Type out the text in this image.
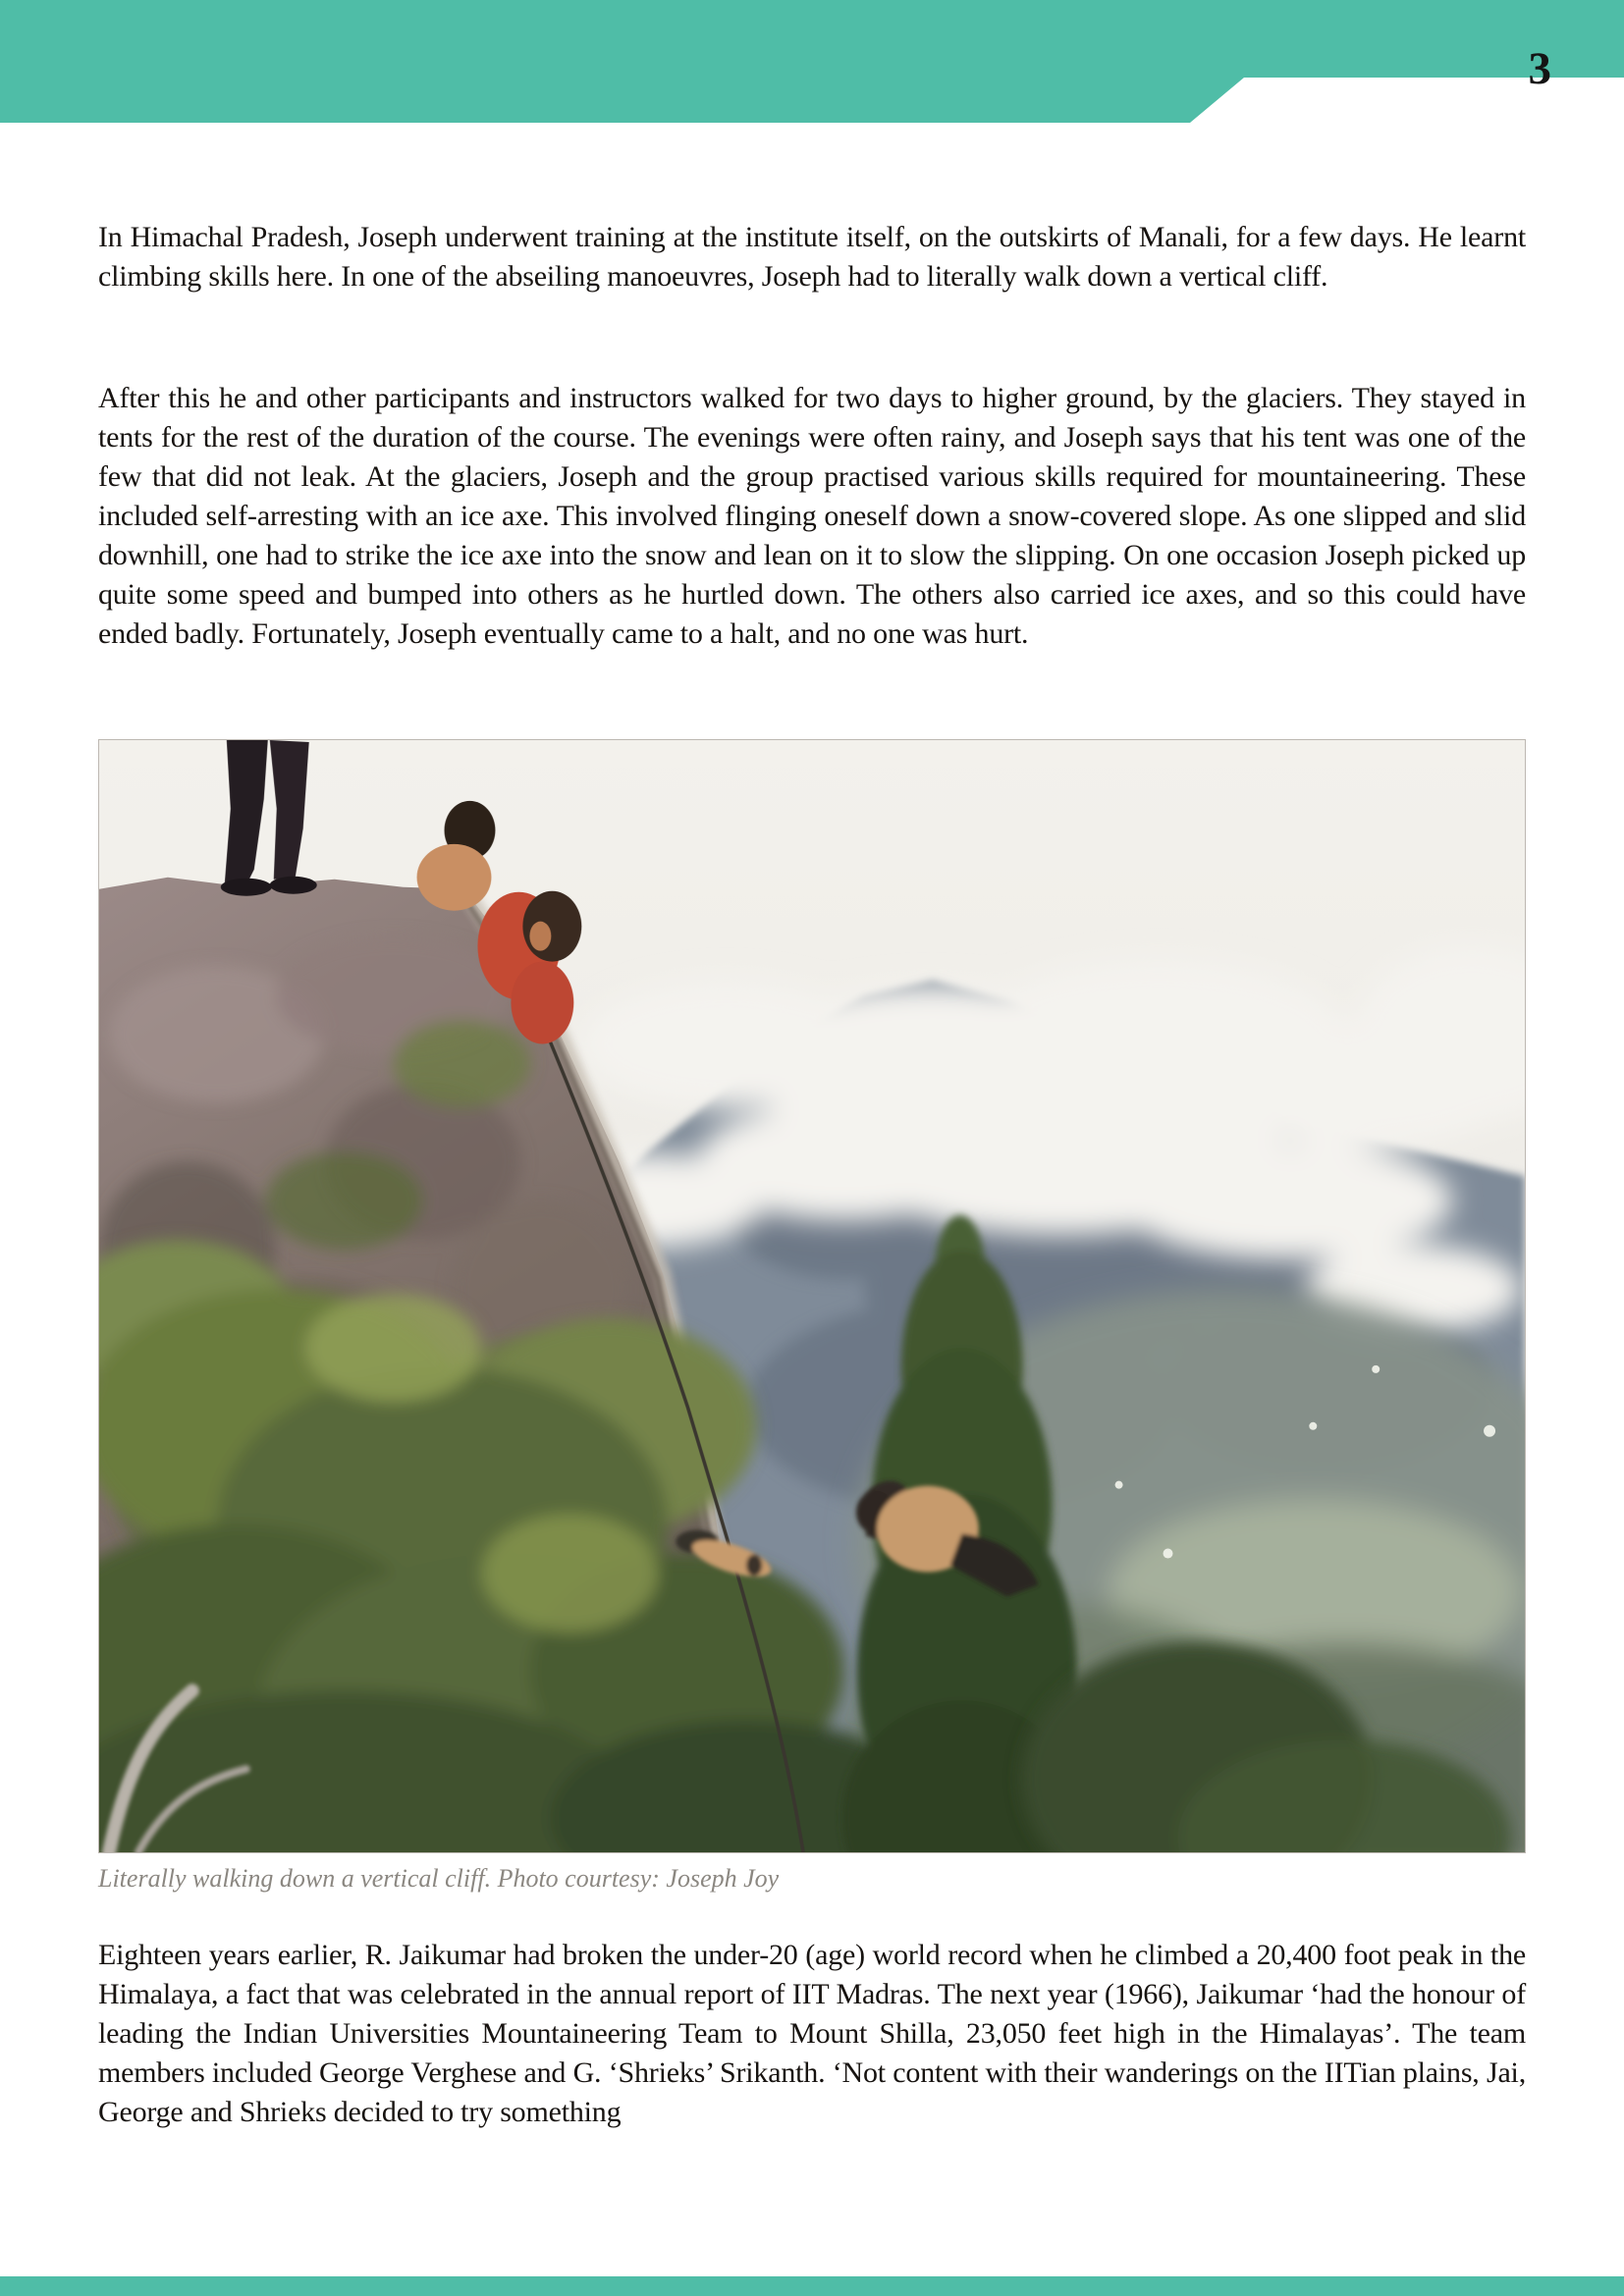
3

In Himachal Pradesh, Joseph underwent training at the institute itself, on the outskirts of Manali, for a few days. He learnt climbing skills here. In one of the abseiling manoeuvres, Joseph had to literally walk down a vertical cliff.

After this he and other participants and instructors walked for two days to higher ground, by the glaciers. They stayed in tents for the rest of the duration of the course. The evenings were often rainy, and Joseph says that his tent was one of the few that did not leak. At the glaciers, Joseph and the group practised various skills required for mountaineering. These included self-arresting with an ice axe. This involved flinging oneself down a snow-covered slope. As one slipped and slid downhill, one had to strike the ice axe into the snow and lean on it to slow the slipping. On one occasion Joseph picked up quite some speed and bumped into others as he hurtled down. The others also carried ice axes, and so this could have ended badly. Fortunately, Joseph eventually came to a halt, and no one was hurt.

Literally walking down a vertical cliff. Photo courtesy: Joseph Joy

Eighteen years earlier, R. Jaikumar had broken the under-20 (age) world record when he climbed a 20,400 foot peak in the Himalaya, a fact that was celebrated in the annual report of IIT Madras. The next year (1966), Jaikumar ‘had the honour of leading the Indian Universities Mountaineering Team to Mount Shilla, 23,050 feet high in the Himalayas’. The team members included George Verghese and G. ‘Shrieks’ Srikanth. ‘Not content with their wanderings on the IITian plains, Jai, George and Shrieks decided to try something
